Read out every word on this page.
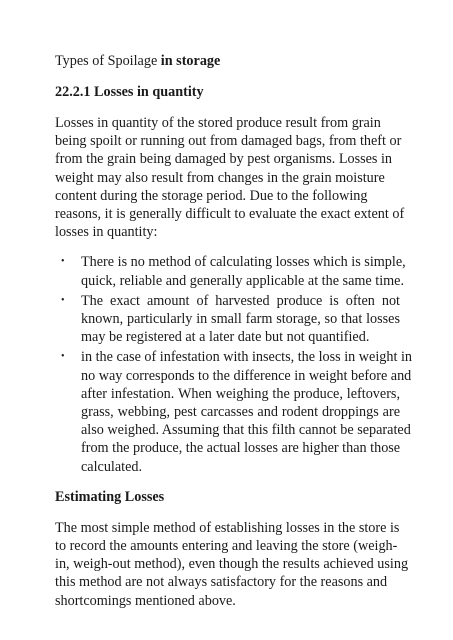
Types of Spoilage in storage
22.2.1 Losses in quantity

Losses in quantity of the stored produce result from grain
being spoilt or running out from damaged bags, from theft or
from the grain being damaged by pest organisms. Losses in
weight may also result from changes in the grain moisture
content during the storage period. Due to the following
reasons, it is generally difficult to evaluate the exact extent of
losses in quantity:

• There is no method of calculating losses which is simple,
quick, reliable and generally applicable at the same time.
• The exact amount of harvested produce is often not
known, particularly in small farm storage, so that losses
may be registered at a later date but not quantified.
• in the case of infestation with insects, the loss in weight in
no way corresponds to the difference in weight before and
after infestation. When weighing the produce, leftovers,
grass, webbing, pest carcasses and rodent droppings are
also weighed. Assuming that this filth cannot be separated
from the produce, the actual losses are higher than those
calculated.
Estimating Losses

The most simple method of establishing losses in the store is
to record the amounts entering and leaving the store (weigh-
in, weigh-out method), even though the results achieved using
this method are not always satisfactory for the reasons and
shortcomings mentioned above.
